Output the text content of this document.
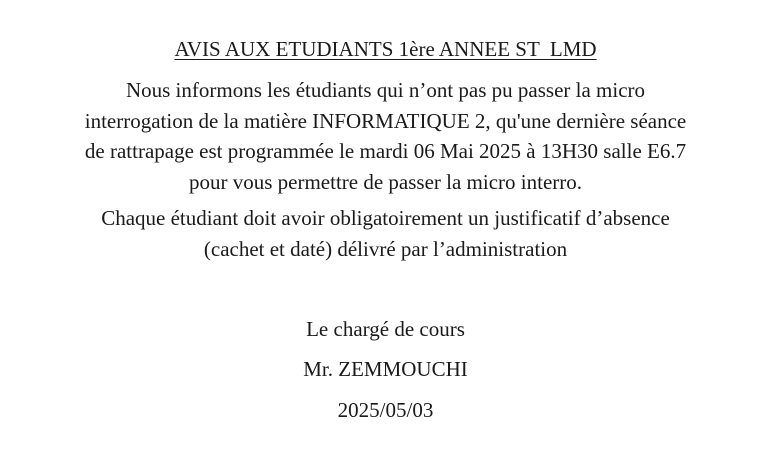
AVIS AUX ETUDIANTS 1ère ANNEE ST  LMD
Nous informons les étudiants qui n’ont pas pu passer la micro
interrogation de la matière INFORMATIQUE 2, qu'une dernière séance
de rattrapage est programmée le mardi 06 Mai 2025 à 13H30 salle E6.7
pour vous permettre de passer la micro interro.
Chaque étudiant doit avoir obligatoirement un justificatif d’absence
(cachet et daté) délivré par l’administration
Le chargé de cours
Mr. ZEMMOUCHI
2025/05/03
